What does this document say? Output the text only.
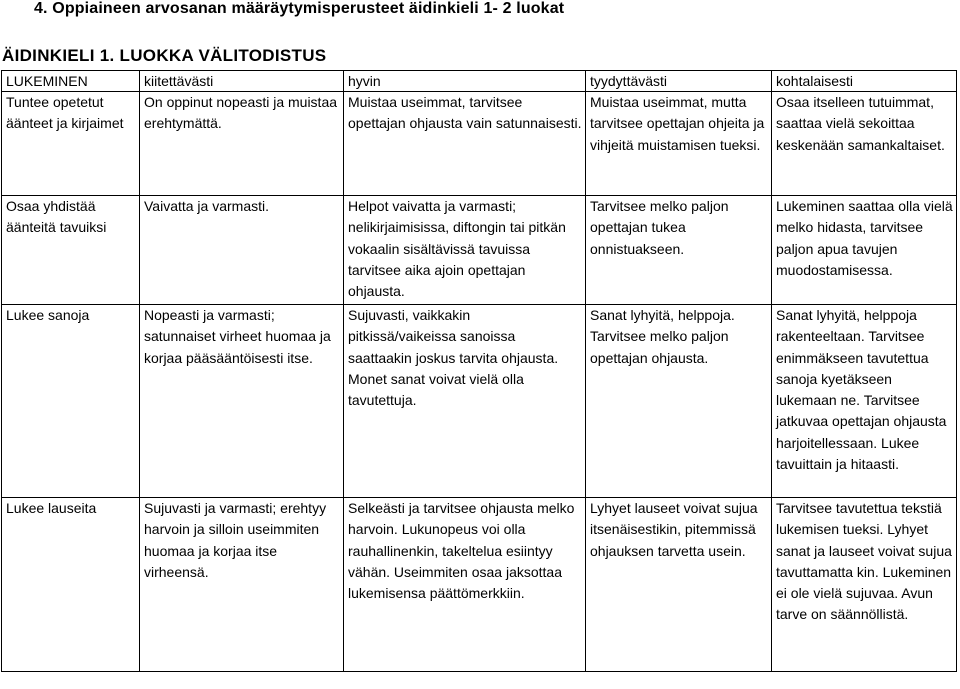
4. Oppiaineen arvosanan määräytymisperusteet äidinkieli 1- 2 luokat
ÄIDINKIELI 1. LUOKKA VÄLITODISTUS
LUKEMINEN	kiitettävästi	hyvin	tyydyttävästi	kohtalaisesti
Tuntee opetetut äänteet ja kirjaimet	On oppinut nopeasti ja muistaa erehtymättä.	Muistaa useimmat, tarvitsee opettajan ohjausta vain satunnaisesti.	Muistaa useimmat, mutta tarvitsee opettajan ohjeita ja vihjeitä muistamisen tueksi.	Osaa itselleen tutuimmat, saattaa vielä sekoittaa keskenään samankaltaiset.
Osaa yhdistää äänteitä tavuiksi	Vaivatta ja varmasti.	Helpot vaivatta ja varmasti; nelikirjaimisissa, diftongin tai pitkän vokaalin sisältävissä tavuissa tarvitsee aika ajoin opettajan ohjausta.	Tarvitsee melko paljon opettajan tukea onnistuakseen.	Lukeminen saattaa olla vielä melko hidasta, tarvitsee paljon apua tavujen muodostamisessa.
Lukee sanoja	Nopeasti ja varmasti; satunnaiset virheet huomaa ja korjaa pääsääntöisesti itse.	Sujuvasti, vaikkakin pitkissä/vaikeissa sanoissa saattaakin joskus tarvita ohjausta. Monet sanat voivat vielä olla tavutettuja.	Sanat lyhyitä, helppoja. Tarvitsee melko paljon opettajan ohjausta.	Sanat lyhyitä, helppoja rakenteeltaan. Tarvitsee enimmäkseen tavutettua sanoja kyetäkseen lukemaan ne. Tarvitsee jatkuvaa opettajan ohjausta harjoitellessaan. Lukee tavuittain ja hitaasti.
Lukee lauseita	Sujuvasti ja varmasti; erehtyy harvoin ja silloin useimmiten huomaa ja korjaa itse virheensä.	Selkeästi ja tarvitsee ohjausta melko harvoin. Lukunopeus voi olla rauhallinenkin, takeltelua esiintyy vähän. Useimmiten osaa jaksottaa lukemisensa päättömerkkiin.	Lyhyet lauseet voivat sujua itsenäisestikin, pitemmissä ohjauksen tarvetta usein.	Tarvitsee tavutettua tekstiä lukemisen tueksi. Lyhyet sanat ja lauseet voivat sujua tavuttamatta kin. Lukeminen ei ole vielä sujuvaa. Avun tarve on säännöllistä.
